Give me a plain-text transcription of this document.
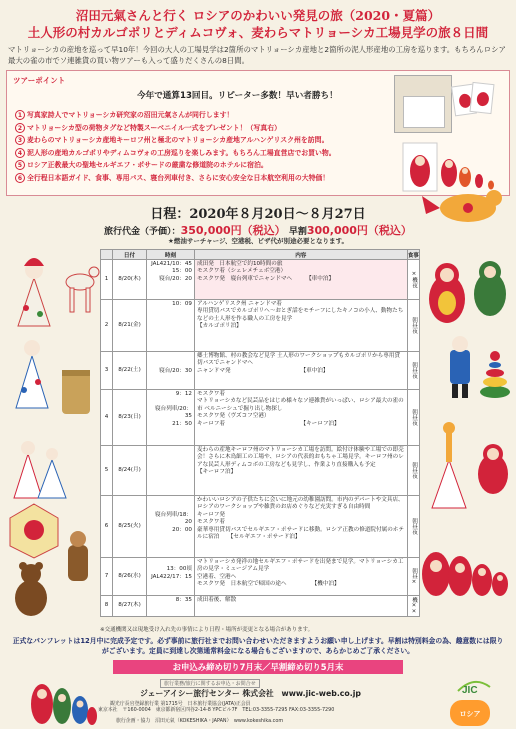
沼田元氣さんと行く ロシアのかわいい発見の旅（2020・夏篇）
土人形の村カルゴポリとディムコヴォ、麦わらマトリョーシカ工場見学の旅８日間
マトリョーシカの産地を巡って早10年！今回の大人の工場見学は2箇所のマトリョーシカ産地と2箇所の泥人形産地の工房を巡ります。もちろんロシア最大の雀の市でソ連雑貨の買い物ツアーも入って盛りだくさんの8日間。
ツアーポイント
今年で通算13回目。リピーター多数！早い者勝ち！
1 写真家詩人でマトリョーシカ研究家の沼田元氣さんが同行します！
2 マトリョーシカ型の荷物タグなど特製スーベニイル一式をプレゼント！（写真右）
3 麦わらのマトリョーシカ産地キーロフ州と極北のマトリョーシカ産地アルハンゲリスク州を訪問。
4 泥人形の産地カルゴポリやディムコヴォの工房巡りを楽しみます。もちろん工場直営店でお買い物。
5 ロシア正教最大の聖地セルギエフ・ポサードの厳粛な修道院のホテルに宿泊。
6 全行程日本語ガイド、食事、専用バス、寝台列車付き、さらに安心安全な日本航空利用の大特価！
日程：2020年８月20日～８月27日
旅行代金（予価）：350,000円（税込） 早割300,000円（税込）
★燃油サーチャージ、空港税、ビザ代が別途必要となります。
	日付	時刻	内容	食事
1	8/20(木)	JAL421/10：45
15：00
寝台/20：20	成田発　日本航空で約10時間の旅
モスクワ着（シェレメチェボ空港）
モスクワ発　寝台列車でニャンドマへ　　　【車中泊】	×機夜
2	8/21(金)	10：09	アルハンゲリスク州 ニャンドマ着
専用貸切バスでカルゴポリへ〜おとぎ話をモチーフにしたキノコの小人、動物たちなどの土人形を作る職人の工房を見学
【カルゴポリ泊】	朝昼夜
3	8/22(土)	

寝台/20：30	郷土博物館、村の教会など見学 土人形のワークショップもカルゴポリから専用貸切バスでニャンドマへ
ニャンドマ発　　　　　　　　　　　　　【車中泊】	朝昼夜
4	8/23(日)	9：12

寝台列車/20：35
21：50	モスクワ着
マトリョーシカなど民芸品をはじめ様々なソ連雑貨がいっぱい、ロシア最大の雀の市 ベルニーシュで掘り出し物探し
モスクワ発（ヴズコフ空港）
キーロフ着　　　　　　　　　　　　　　【キーロフ泊】	朝昼夜
5	8/24(月)		麦わらの産地キーロフ州のマトリョーシカ工場を訪問。絵付け体験や工場での即売会！さらに木鳥細工の工場や、ロシアの代表的おもちゃ工場見学。キーロフ州のレアな民芸人形ディムコボの工房なども見学し、作業より直接購入も予定
【キーロフ泊】	朝昼夜
6	8/25(火)	

寝台列車/18：20
20：00	かわいいロシアの子供たちに会いに地元の幼稚園訪問。市内のデパートや文具店、ロシアのワークショップや雑貨のお店めぐりなど充実すぎる自由時間
キーロフ発
モスクワ着
豪華専用貸切バスでセルギエフ・ポサードに移動。ロシア正教の修道院付属のホテルに宿泊　　【セルギエフ・ポサード泊】	朝昼夜
7	8/26(水)	
13：00頃
JAL422/17：15	マトリョーシカ発祥の地セルギエフ・ポサードを出発まで見学。マトリョーシカ工房の見学・ミュージアム見学
空港着、空港へ
モスクワ発　日本航空で帰国の途へ　　　　　【機中泊】	朝昼×
8	8/27(木)	8：35	成田着後、解散	機××
※交通機関又は現地受け入れ先の事情により日程・場所が変更となる場合があります。
正式なパンフレットは12月中に完成予定です。必ず事前に旅行社までお問い合わせいただきますようお願い申し上げます。早割は特別料金の為、趣意数には限りがございます。定員に到達し次第通常料金になる場合もございますので、あらかじめご了承ください。
お申込み締め切り7月末／早割締め切り5月末
旅行業務/旅行に関するお申込・お問合せ
ジェーアイシー旅行センター 株式会社　www.jic-web.co.jp
観光庁長官登録旅行業 第1715号　日本旅行業協会(JATA)正会員
東京本社　〒160-0004　東京都新宿区四谷2-14-8 YPCビル7F　TEL:03-3355-7295 FAX:03-3355-7290
旅行企画・協力　沼田元氣（KOKESHIKA・JAPAN）　www.kokeshika.com
JIC
ロシア
